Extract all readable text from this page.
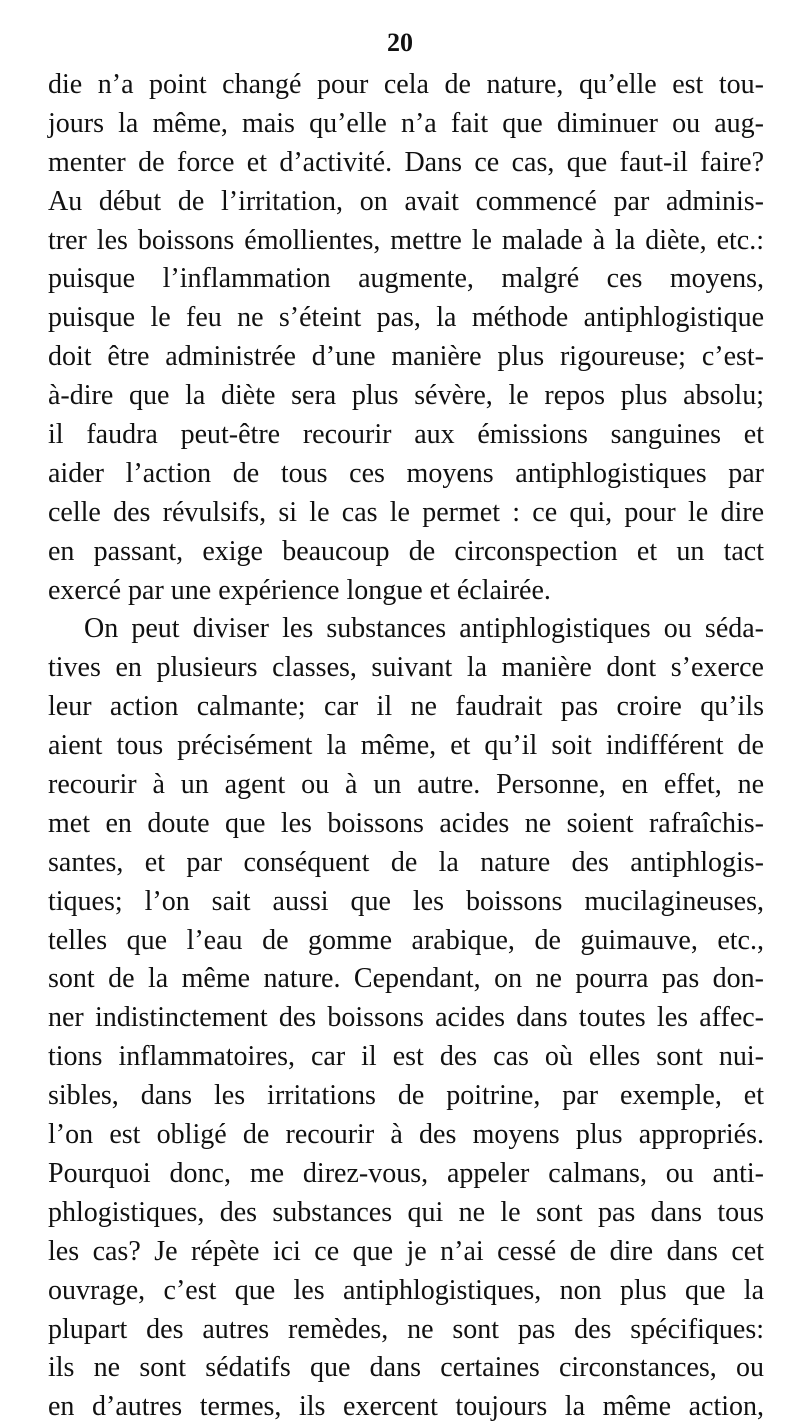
20
die n’a point changé pour cela de nature, qu’elle est tou-
jours la même, mais qu’elle n’a fait que diminuer ou aug-
menter de force et d’activité. Dans ce cas, que faut-il faire?
Au début de l’irritation, on avait commencé par adminis-
trer les boissons émollientes, mettre le malade à la diète, etc.:
puisque l’inflammation augmente, malgré ces moyens,
puisque le feu ne s’éteint pas, la méthode antiphlogistique
doit être administrée d’une manière plus rigoureuse; c’est-
à-dire que la diète sera plus sévère, le repos plus absolu;
il faudra peut-être recourir aux émissions sanguines et
aider l’action de tous ces moyens antiphlogistiques par
celle des révulsifs, si le cas le permet : ce qui, pour le dire
en passant, exige beaucoup de circonspection et un tact
exercé par une expérience longue et éclairée.
On peut diviser les substances antiphlogistiques ou séda-
tives en plusieurs classes, suivant la manière dont s’exerce
leur action calmante; car il ne faudrait pas croire qu’ils
aient tous précisément la même, et qu’il soit indifférent de
recourir à un agent ou à un autre. Personne, en effet, ne
met en doute que les boissons acides ne soient rafraîchis-
santes, et par conséquent de la nature des antiphlogis-
tiques; l’on sait aussi que les boissons mucilagineuses,
telles que l’eau de gomme arabique, de guimauve, etc.,
sont de la même nature. Cependant, on ne pourra pas don-
ner indistinctement des boissons acides dans toutes les affec-
tions inflammatoires, car il est des cas où elles sont nui-
sibles, dans les irritations de poitrine, par exemple, et
l’on est obligé de recourir à des moyens plus appropriés.
Pourquoi donc, me direz-vous, appeler calmans, ou anti-
phlogistiques, des substances qui ne le sont pas dans tous
les cas? Je répète ici ce que je n’ai cessé de dire dans cet
ouvrage, c’est que les antiphlogistiques, non plus que la
plupart des autres remèdes, ne sont pas des spécifiques:
ils ne sont sédatifs que dans certaines circonstances, ou
en d’autres termes, ils exercent toujours la même action,
